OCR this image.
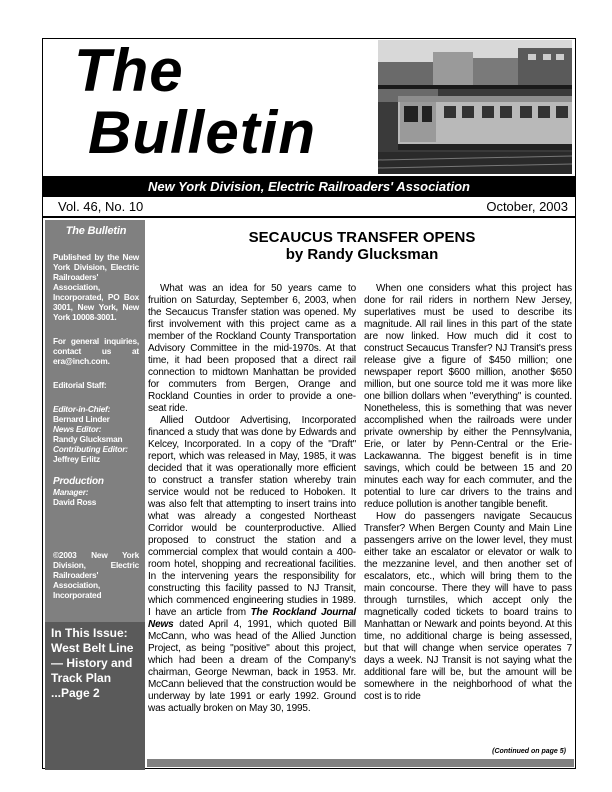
The
Bulletin
New York Division, Electric Railroaders' Association
Vol. 46, No. 10	October, 2003
The Bulletin

Published by the New York Division, Electric Railroaders' Association, Incorporated, PO Box 3001, New York, New York 10008-3001.

For general inquiries, contact us at era@inch.com.

Editorial Staff:

Editor-in-Chief:
Bernard Linder
News Editor:
Randy Glucksman
Contributing Editor:
Jeffrey Erlitz
Production
Manager:
David Ross
©2003 New York Division, Electric Railroaders' Association, Incorporated
In This Issue:
West Belt Line
— History and
Track Plan
...Page 2
SECAUCUS TRANSFER OPENS
by Randy Glucksman

What was an idea for 50 years came to fruition on Saturday, September 6, 2003, when the Secaucus Transfer station was opened. My first involvement with this project came as a member of the Rockland County Transportation Advisory Committee in the mid-1970s. At that time, it had been proposed that a direct rail connection to midtown Manhattan be provided for commuters from Bergen, Orange and Rockland Counties in order to provide a one-seat ride.

Allied Outdoor Advertising, Incorporated financed a study that was done by Edwards and Kelcey, Incorporated. In a copy of the "Draft" report, which was released in May, 1985, it was decided that it was operationally more efficient to construct a transfer station whereby train service would not be reduced to Hoboken. It was also felt that attempting to insert trains into what was already a congested Northeast Corridor would be counterproductive. Allied proposed to construct the station and a commercial complex that would contain a 400-room hotel, shopping and recreational facilities. In the intervening years the responsibility for constructing this facility passed to NJ Transit, which commenced engineering studies in 1989. I have an article from The Rockland Journal News dated April 4, 1991, which quoted Bill McCann, who was head of the Allied Junction Project, as being "positive" about this project, which had been a dream of the Company's chairman, George Newman, back in 1953. Mr. McCann believed that the construction would be underway by late 1991 or early 1992. Ground was actually broken on May 30, 1995.

When one considers what this project has done for rail riders in northern New Jersey, superlatives must be used to describe its magnitude. All rail lines in this part of the state are now linked. How much did it cost to construct Secaucus Transfer? NJ Transit's press release give a figure of $450 million; one newspaper report $600 million, another $650 million, but one source told me it was more like one billion dollars when "everything" is counted. Nonetheless, this is something that was never accomplished when the railroads were under private ownership by either the Pennsylvania, Erie, or later by Penn-Central or the Erie-Lackawanna. The biggest benefit is in time savings, which could be between 15 and 20 minutes each way for each commuter, and the potential to lure car drivers to the trains and reduce pollution is another tangible benefit.

How do passengers navigate Secaucus Transfer? When Bergen County and Main Line passengers arrive on the lower level, they must either take an escalator or elevator or walk to the mezzanine level, and then another set of escalators, etc., which will bring them to the main concourse. There they will have to pass through turnstiles, which accept only the magnetically coded tickets to board trains to Manhattan or Newark and points beyond. At this time, no additional charge is being assessed, but that will change when service operates 7 days a week. NJ Transit is not saying what the additional fare will be, but the amount will be somewhere in the neighborhood of what the cost is to ride

(Continued on page 5)
